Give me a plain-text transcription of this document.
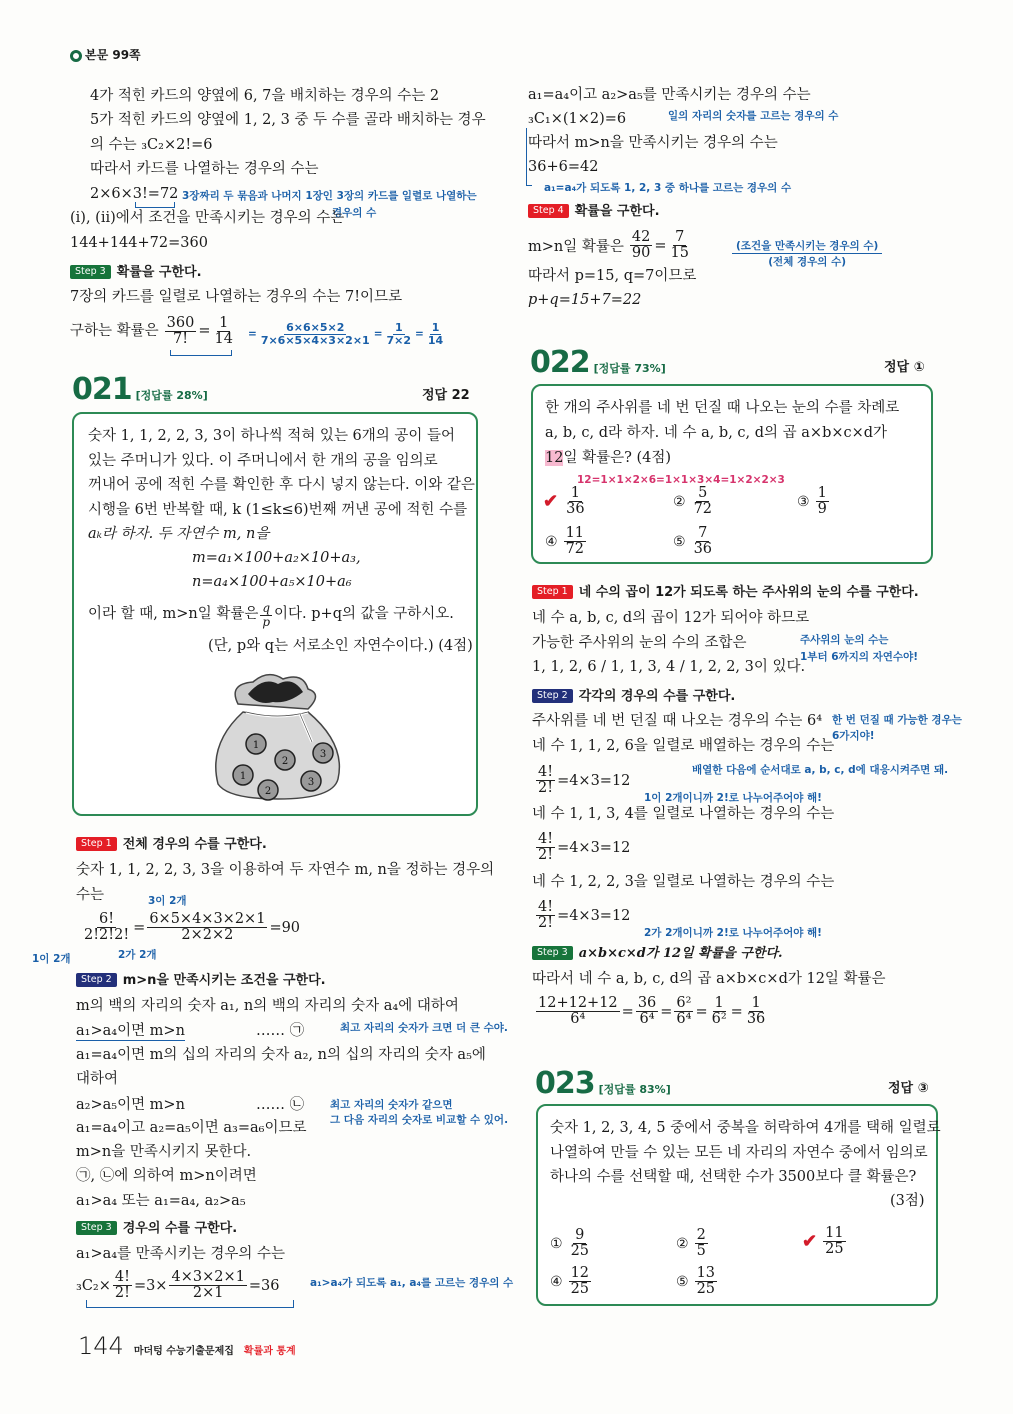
본문 99쪽
4가 적힌 카드의 양옆에 6, 7을 배치하는 경우의 수는 2
5가 적힌 카드의 양옆에 1, 2, 3 중 두 수를 골라 배치하는 경우
의 수는 ₃C₂×2!=6
따라서 카드를 나열하는 경우의 수는
2×6×3!=72 3장짜리 두 묶음과 나머지 1장인 3장의 카드를 일렬로 나열하는
경우의 수
(i), (ii)에서 조건을 만족시키는 경우의 수는
144+144+72=360
Step 3 확률을 구한다.
7장의 카드를 일렬로 나열하는 경우의 수는 7!이므로
구하는 확률은 $\frac{360}{7!} = \frac{1}{14} = \frac{6\times 6\times 5\times 2}{7\times 6\times 5\times 4\times 3\times 2\times 1} = \frac{1}{7\times 2} = \frac{1}{14}$
021 [정답률 28%]	정답 22
숫자 1, 1, 2, 2, 3, 3이 하나씩 적혀 있는 6개의 공이 들어
있는 주머니가 있다. 이 주머니에서 한 개의 공을 임의로
꺼내어 공에 적힌 수를 확인한 후 다시 넣지 않는다. 이와 같은
시행을 6번 반복할 때, k (1≤k≤6)번째 꺼낸 공에 적힌 수를
aₖ라 하자. 두 자연수 m, n을
m=a₁×100+a₂×10+a₃,
n=a₄×100+a₅×10+a₆
이라 할 때, m>n일 확률은 $\frac{q}{p}$ 이다. p+q의 값을 구하시오.
(단, p와 q는 서로소인 자연수이다.) (4점)
1
2
3
1
2
3
Step 1 전체 경우의 수를 구한다.
숫자 1, 1, 2, 2, 3, 3을 이용하여 두 자연수 m, n을 정하는 경우의
수는	3이 2개
$\frac{6!}{2!2!2!} = \frac{6\times 5\times 4\times 3\times 2\times 1}{2\times 2\times 2} =90$
1이 2개	2가 2개
Step 2 m>n을 만족시키는 조건을 구한다.
m의 백의 자리의 숫자 a₁, n의 백의 자리의 숫자 a₄에 대하여
a₁>a₄이면 m>n	…… ㉠	최고 자리의 숫자가 크면 더 큰 수야.
a₁=a₄이면 m의 십의 자리의 숫자 a₂, n의 십의 자리의 숫자 a₅에
대하여
a₂>a₅이면 m>n	…… ㉡ 최고 자리의 숫자가 같으면
그 다음 자리의 숫자로 비교할 수 있어.
a₁=a₄이고 a₂=a₅이면 a₃=a₆이므로
m>n을 만족시키지 못한다.
㉠, ㉡에 의하여 m>n이려면
a₁>a₄ 또는 a₁=a₄, a₂>a₅
Step 3 경우의 수를 구한다.
a₁>a₄를 만족시키는 경우의 수는
$_3C_2\times \frac{4!}{2!} =3\times \frac{4\times 3\times 2\times 1}{2\times 1} =36$	a₁>a₄가 되도록 a₁, a₄를 고르는 경우의 수
a₁=a₄이고 a₂>a₅를 만족시키는 경우의 수는
₃C₁×(1×2)=6	일의 자리의 숫자를 고르는 경우의 수
따라서 m>n을 만족시키는 경우의 수는
36+6=42
a₁=a₄가 되도록 1, 2, 3 중 하나를 고르는 경우의 수
Step 4 확률을 구한다.
m>n일 확률은 $\frac{42}{90} = \frac{7}{15}$	(조건을 만족시키는 경우의 수)
(전체 경우의 수)
따라서 p=15, q=7이므로
p+q=15+7=22
022 [정답률 73%]	정답 ①
한 개의 주사위를 네 번 던질 때 나오는 눈의 수를 차례로
a, b, c, d라 하자. 네 수 a, b, c, d의 곱 a×b×c×d가
12일 확률은? (4점)
12=1×1×2×6=1×1×3×4=1×2×2×3
✔ $\frac{1}{36}$	② $\frac{5}{72}$	③ $\frac{1}{9}$
④ $\frac{11}{72}$	⑤ $\frac{7}{36}$
Step 1 네 수의 곱이 12가 되도록 하는 주사위의 눈의 수를 구한다.
네 수 a, b, c, d의 곱이 12가 되어야 하므로
가능한 주사위의 눈의 수의 조합은	주사위의 눈의 수는
1부터 6까지의 자연수야!
1, 1, 2, 6 / 1, 1, 3, 4 / 1, 2, 2, 3이 있다.
Step 2 각각의 경우의 수를 구한다.
주사위를 네 번 던질 때 나오는 경우의 수는 6⁴ 한 번 던질 때 가능한 경우는
6가지야!
네 수 1, 1, 2, 6을 일렬로 배열하는 경우의 수는
배열한 다음에 순서대로 a, b, c, d에 대응시켜주면 돼.
$\frac{4!}{2!} =4\times 3=12$
1이 2개이니까 2!로 나누어주어야 해!
네 수 1, 1, 3, 4를 일렬로 나열하는 경우의 수는
$\frac{4!}{2!} =4\times 3=12$
네 수 1, 2, 2, 3을 일렬로 나열하는 경우의 수는
$\frac{4!}{2!} =4\times 3=12$
2가 2개이니까 2!로 나누어주어야 해!
Step 3 a×b×c×d가 12일 확률을 구한다.
따라서 네 수 a, b, c, d의 곱 a×b×c×d가 12일 확률은
$\frac{12+12+12}{\text{6⁴}} = \frac{36}{\text{6⁴}} = \frac{\text{6²}}{\text{6⁴}} = \frac{1}{\text{6²}} = \frac{1}{36}$
023 [정답률 83%]	정답 ③
숫자 1, 2, 3, 4, 5 중에서 중복을 허락하여 4개를 택해 일렬로
나열하여 만들 수 있는 모든 네 자리의 자연수 중에서 임의로
하나의 수를 선택할 때, 선택한 수가 3500보다 클 확률은?
(3점)
① $\frac{9}{25}$	② $\frac{2}{5}$	✔ $\frac{11}{25}$
④ $\frac{12}{25}$	⑤ $\frac{13}{25}$
144 마더텅 수능기출문제집 확률과 통계
